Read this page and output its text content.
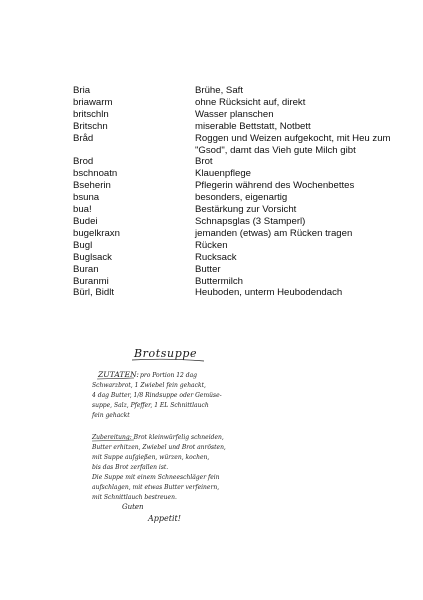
Bria	Brühe, Saft
briawarm	ohne Rücksicht auf, direkt
britschln	Wasser planschen
Britschn	miserable Bettstatt, Notbett
Bråd	Roggen und Weizen aufgekocht, mit Heu zum "Gsod", damt das Vieh gute Milch gibt
Brod	Brot
bschnoatn	Klauenpflege
Bseherin	Pflegerin während des Wochenbettes
bsuna	besonders, eigenartig
bua!	Bestärkung zur Vorsicht
Budei	Schnapsglas (3 Stamperl)
bugelkraxn	jemanden (etwas) am Rücken tragen
Bugl	Rücken
Buglsack	Rucksack
Buran	Butter
Buranmi	Buttermilch
Bürl, Bidlt	Heuboden, unterm Heubodendach
Brotsuppe
ZUTATEN: pro Portion 12 dag
Schwarzbrot, 1 Zwiebel fein gehackt,
4 dag Butter, 1/8 Rindsuppe oder Gemüse-
suppe, Salz, Pfeffer, 1 EL Schnittlauch
fein gehackt
Zubereitung: Brot kleinwürfelig schneiden,
Butter erhitzen, Zwiebel und Brot anrösten,
mit Suppe aufgießen, würzen, kochen,
bis das Brot zerfallen ist.
Die Suppe mit einem Schneeschläger fein
aufschlagen, mit etwas Butter verfeinern,
mit Schnittlauch bestreuen.
Guten
Appetit!
